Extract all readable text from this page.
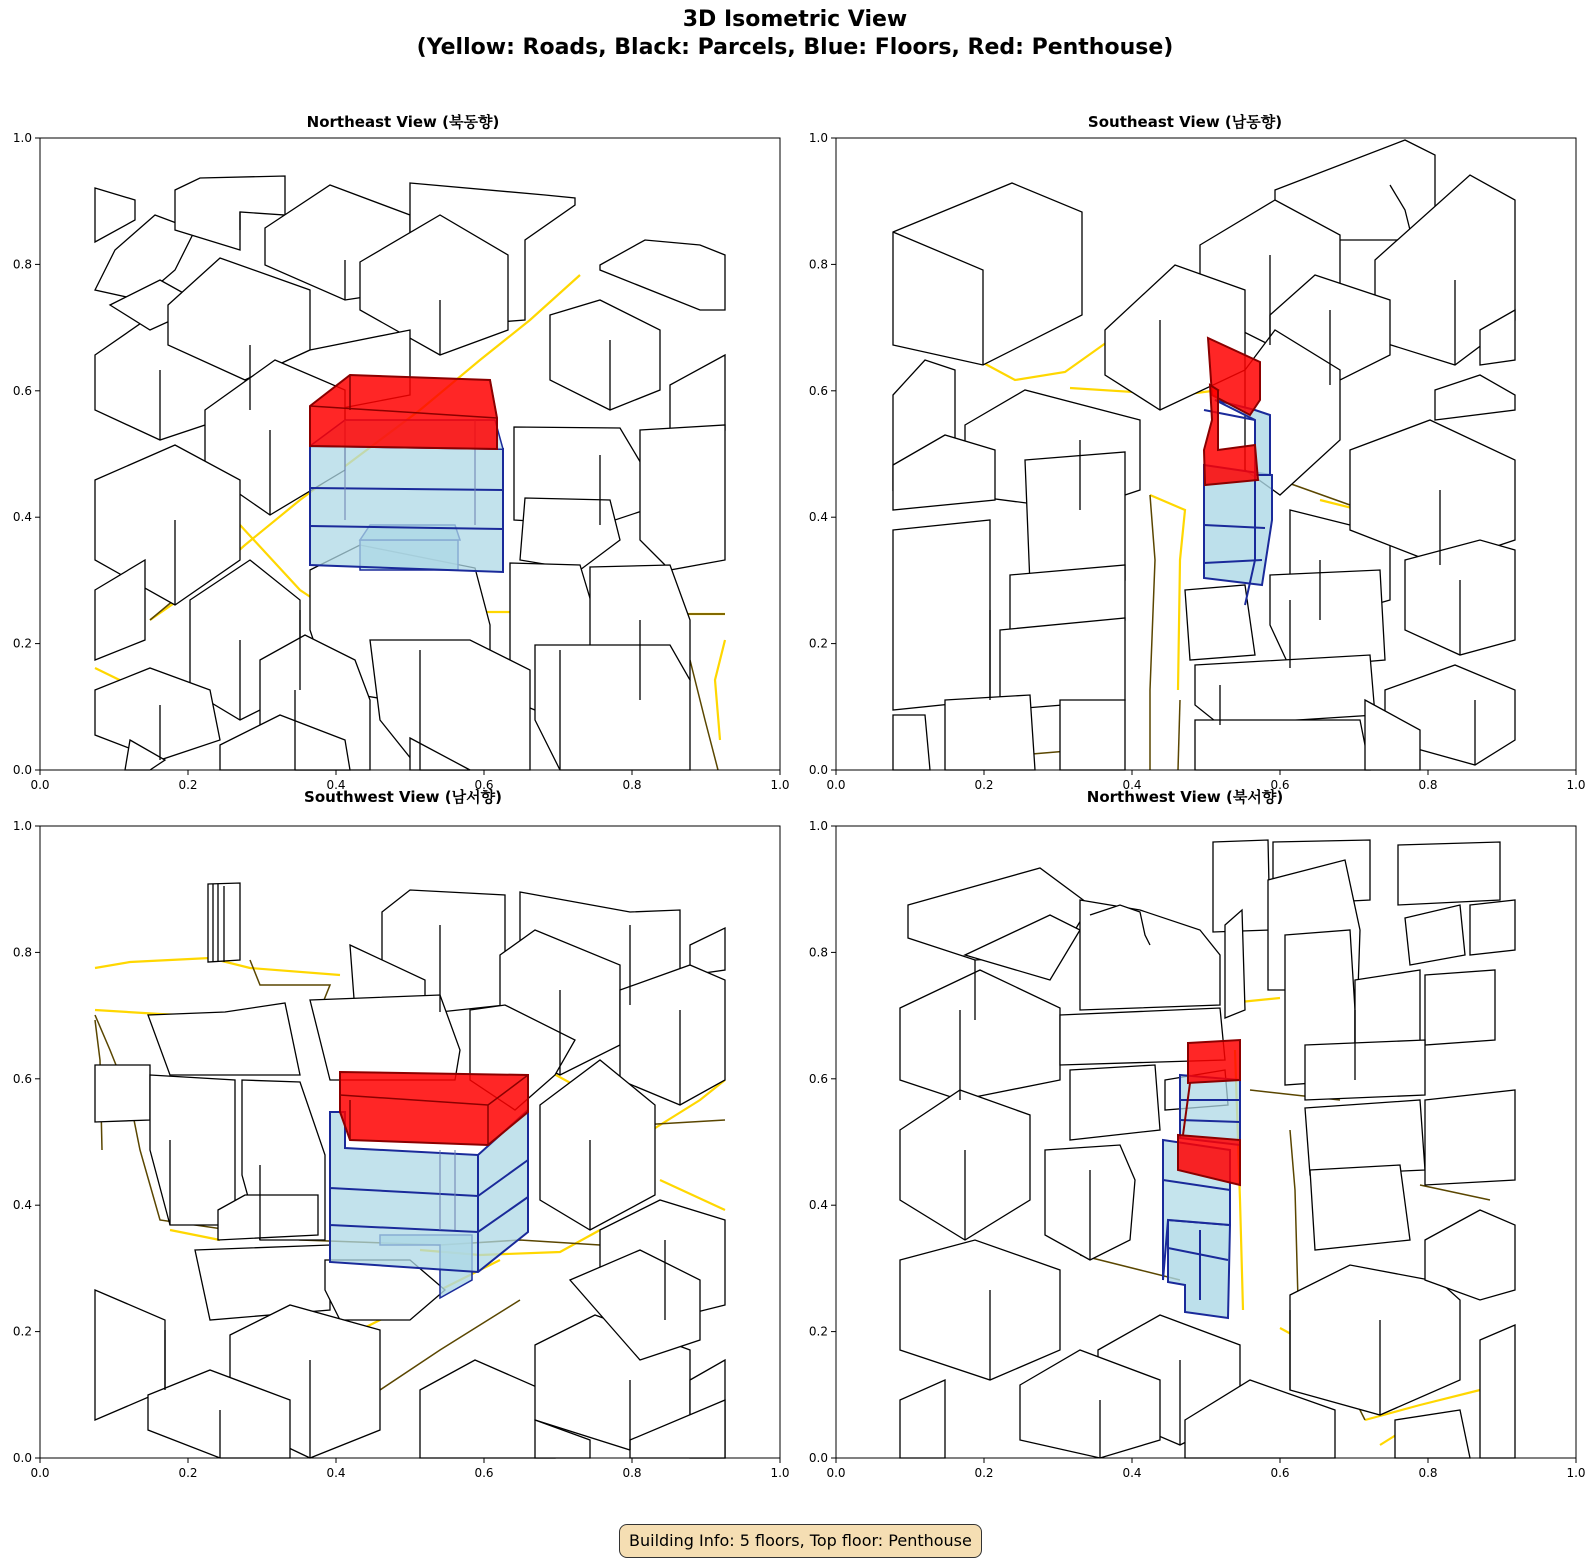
3D Isometric View
(Yellow: Roads, Black: Parcels, Blue: Floors, Red: Penthouse)
Northeast View (북동향)	Southeast View (남동향)
Southwest View (남서향)	Northwest View (북서향)
0.0
0.0
0.2
0.2
0.4
0.4
0.6
0.6
0.8
0.8
1.0
1.0
0.0
0.0
0.2
0.2
0.4
0.4
0.6
0.6
0.8
0.8
1.0
1.0
0.0
0.0
0.2
0.2
0.4
0.4
0.6
0.6
0.8
0.8
1.0
1.0
0.0
0.0
0.2
0.2
0.4
0.4
0.6
0.6
0.8
0.8
1.0
1.0
Building Info: 5 floors, Top floor: Penthouse
